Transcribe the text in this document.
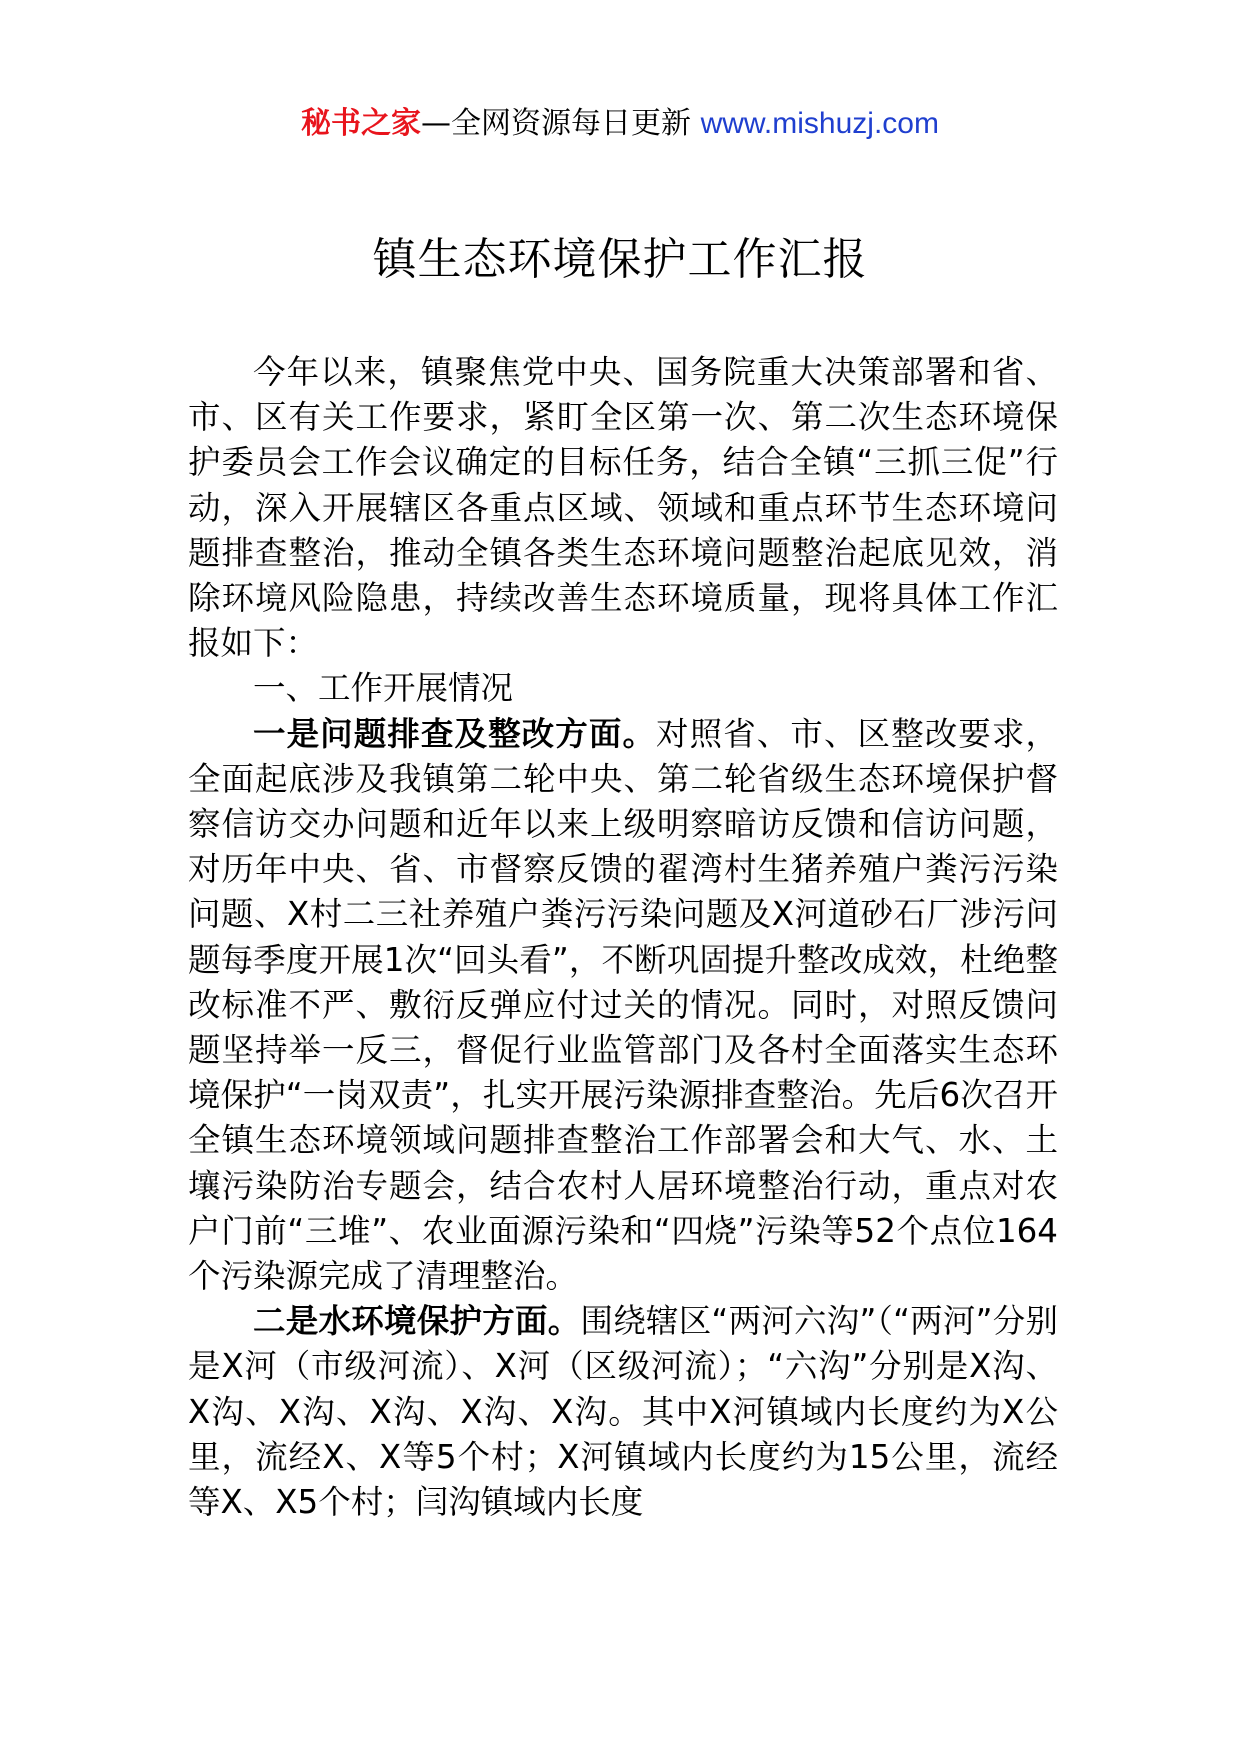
秘书之家—全网资源每日更新 www.mishuzj.com
镇生态环境保护工作汇报

今年以来，镇聚焦党中央、国务院重大决策部署和省、市、区有关工作要求，紧盯全区第一次、第二次生态环境保护委员会工作会议确定的目标任务，结合全镇“三抓三促”行动，深入开展辖区各重点区域、领域和重点环节生态环境问题排查整治，推动全镇各类生态环境问题整治起底见效，消除环境风险隐患，持续改善生态环境质量，现将具体工作汇报如下：

一、工作开展情况

一是问题排查及整改方面。对照省、市、区整改要求，全面起底涉及我镇第二轮中央、第二轮省级生态环境保护督察信访交办问题和近年以来上级明察暗访反馈和信访问题，对历年中央、省、市督察反馈的翟湾村生猪养殖户粪污污染问题、X村二三社养殖户粪污污染问题及X河道砂石厂涉污问题每季度开展1次“回头看”，不断巩固提升整改成效，杜绝整改标准不严、敷衍反弹应付过关的情况。同时，对照反馈问题坚持举一反三，督促行业监管部门及各村全面落实生态环境保护“一岗双责”，扎实开展污染源排查整治。先后6次召开全镇生态环境领域问题排查整治工作部署会和大气、水、土壤污染防治专题会，结合农村人居环境整治行动，重点对农户门前“三堆”、农业面源污染和“四烧”污染等52个点位164个污染源完成了清理整治。

二是水环境保护方面。围绕辖区“两河六沟”（“两河”分别是X河（市级河流）、X河（区级河流）；“六沟”分别是X沟、X沟、X沟、X沟、X沟、X沟。其中X河镇域内长度约为X公里，流经X、X等5个村；X河镇域内长度约为15公里，流经等X、X5个村；闫沟镇域内长度
